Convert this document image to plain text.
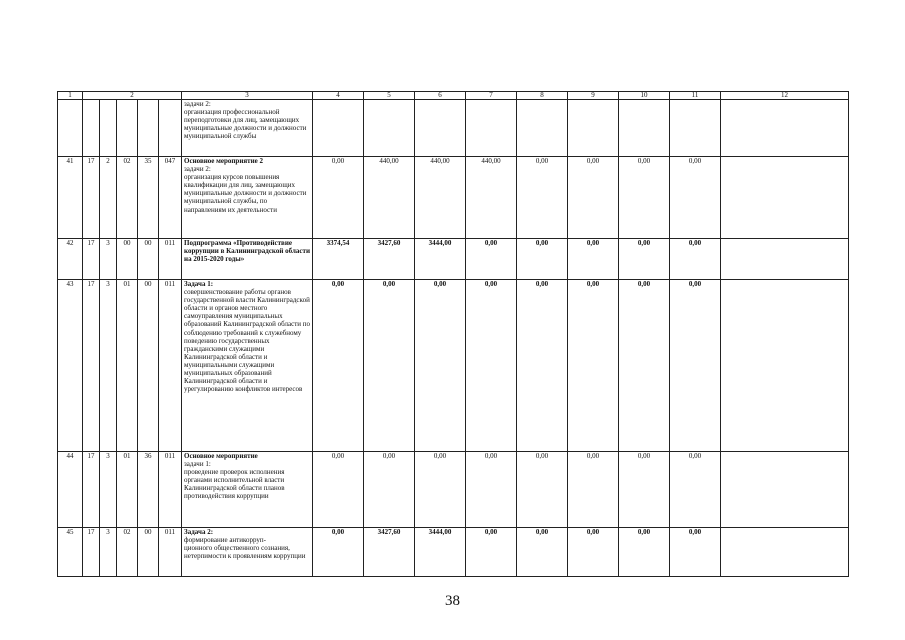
1	2					3	4	5	6	7	8	9	10	11	12
						задачи 2:
организация профессиональной переподготовки для лиц, замещающих муниципальные должности и должности муниципальной службы									
41	17	2	02	35	047	Основное мероприятие 2
задачи 2:
организация курсов повышения квалификации для лиц, замещающих муниципальные должности и должности муниципальной службы, по направлениям их деятельности	0,00	440,00	440,00	440,00	0,00	0,00	0,00	0,00	
42	17	3	00	00	011	Подпрограмма «Противодействие коррупции в Калининградской области на 2015-2020 годы»	3374,54	3427,60	3444,00	0,00	0,00	0,00	0,00	0,00	
43	17	3	01	00	011	Задача 1:
совершенствование работы органов государственной власти Калининградской области и органов местного самоуправления муниципальных образований Калининградской области по соблюдению требований к служебному поведению государственных гражданскими служащими Калининградской области и муниципальными служащими муниципальных образований Калининградской области и урегулированию конфликтов интересов	0,00	0,00	0,00	0,00	0,00	0,00	0,00	0,00	
44	17	3	01	36	011	Основное мероприятие
задачи 1:
проведение проверок исполнения органами исполнительной власти Калининградской области планов противодействия коррупции	0,00	0,00	0,00	0,00	0,00	0,00	0,00	0,00	
45	17	3	02	00	011	Задача 2:
формирование антикорруп-
ционного общественного сознания, нетерпимости к проявлениям коррупции	0,00	3427,60	3444,00	0,00	0,00	0,00	0,00	0,00	
38
